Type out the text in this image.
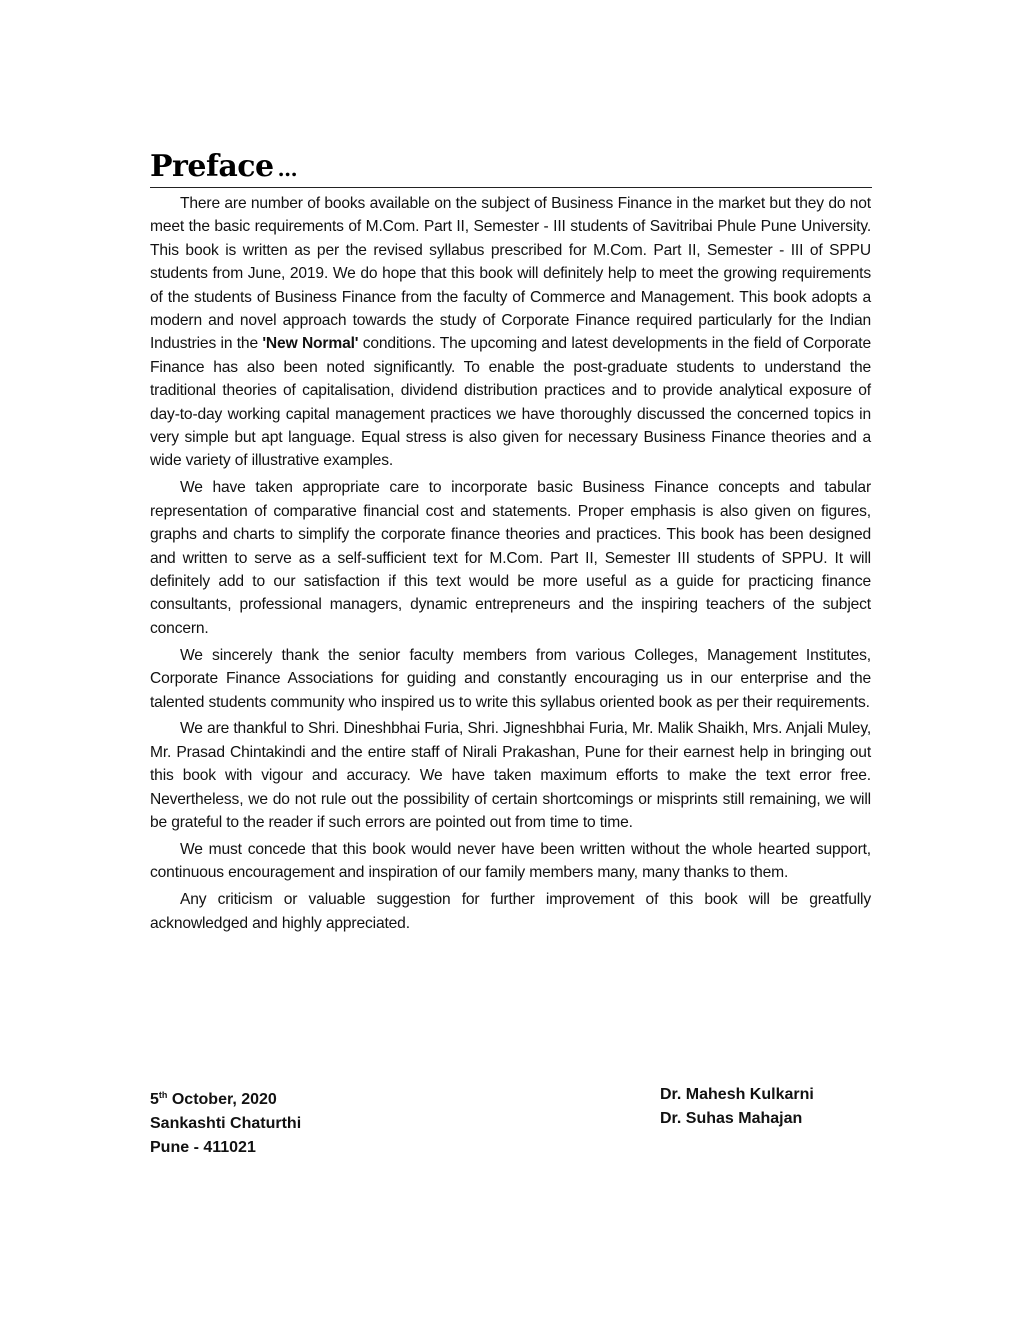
Preface ...

There are number of books available on the subject of Business Finance in the market but they do not meet the basic requirements of M.Com. Part II, Semester - III students of Savitribai Phule Pune University. This book is written as per the revised syllabus prescribed for M.Com. Part II, Semester - III of SPPU students from June, 2019. We do hope that this book will definitely help to meet the growing requirements of the students of Business Finance from the faculty of Commerce and Management. This book adopts a modern and novel approach towards the study of Corporate Finance required particularly for the Indian Industries in the 'New Normal' conditions. The upcoming and latest developments in the field of Corporate Finance has also been noted significantly. To enable the post-graduate students to understand the traditional theories of capitalisation, dividend distribution practices and to provide analytical exposure of day-to-day working capital management practices we have thoroughly discussed the concerned topics in very simple but apt language. Equal stress is also given for necessary Business Finance theories and a wide variety of illustrative examples.

We have taken appropriate care to incorporate basic Business Finance concepts and tabular representation of comparative financial cost and statements. Proper emphasis is also given on figures, graphs and charts to simplify the corporate finance theories and practices. This book has been designed and written to serve as a self-sufficient text for M.Com. Part II, Semester III students of SPPU. It will definitely add to our satisfaction if this text would be more useful as a guide for practicing finance consultants, professional managers, dynamic entrepreneurs and the inspiring teachers of the subject concern.

We sincerely thank the senior faculty members from various Colleges, Management Institutes, Corporate Finance Associations for guiding and constantly encouraging us in our enterprise and the talented students community who inspired us to write this syllabus oriented book as per their requirements.

We are thankful to Shri. Dineshbhai Furia, Shri. Jigneshbhai Furia, Mr. Malik Shaikh, Mrs. Anjali Muley, Mr. Prasad Chintakindi and the entire staff of Nirali Prakashan, Pune for their earnest help in bringing out this book with vigour and accuracy. We have taken maximum efforts to make the text error free. Nevertheless, we do not rule out the possibility of certain shortcomings or misprints still remaining, we will be grateful to the reader if such errors are pointed out from time to time.

We must concede that this book would never have been written without the whole hearted support, continuous encouragement and inspiration of our family members many, many thanks to them.

Any criticism or valuable suggestion for further improvement of this book will be greatfully acknowledged and highly appreciated.

5th October, 2020
Sankashti Chaturthi
Pune - 411021
Dr. Mahesh Kulkarni
Dr. Suhas Mahajan
